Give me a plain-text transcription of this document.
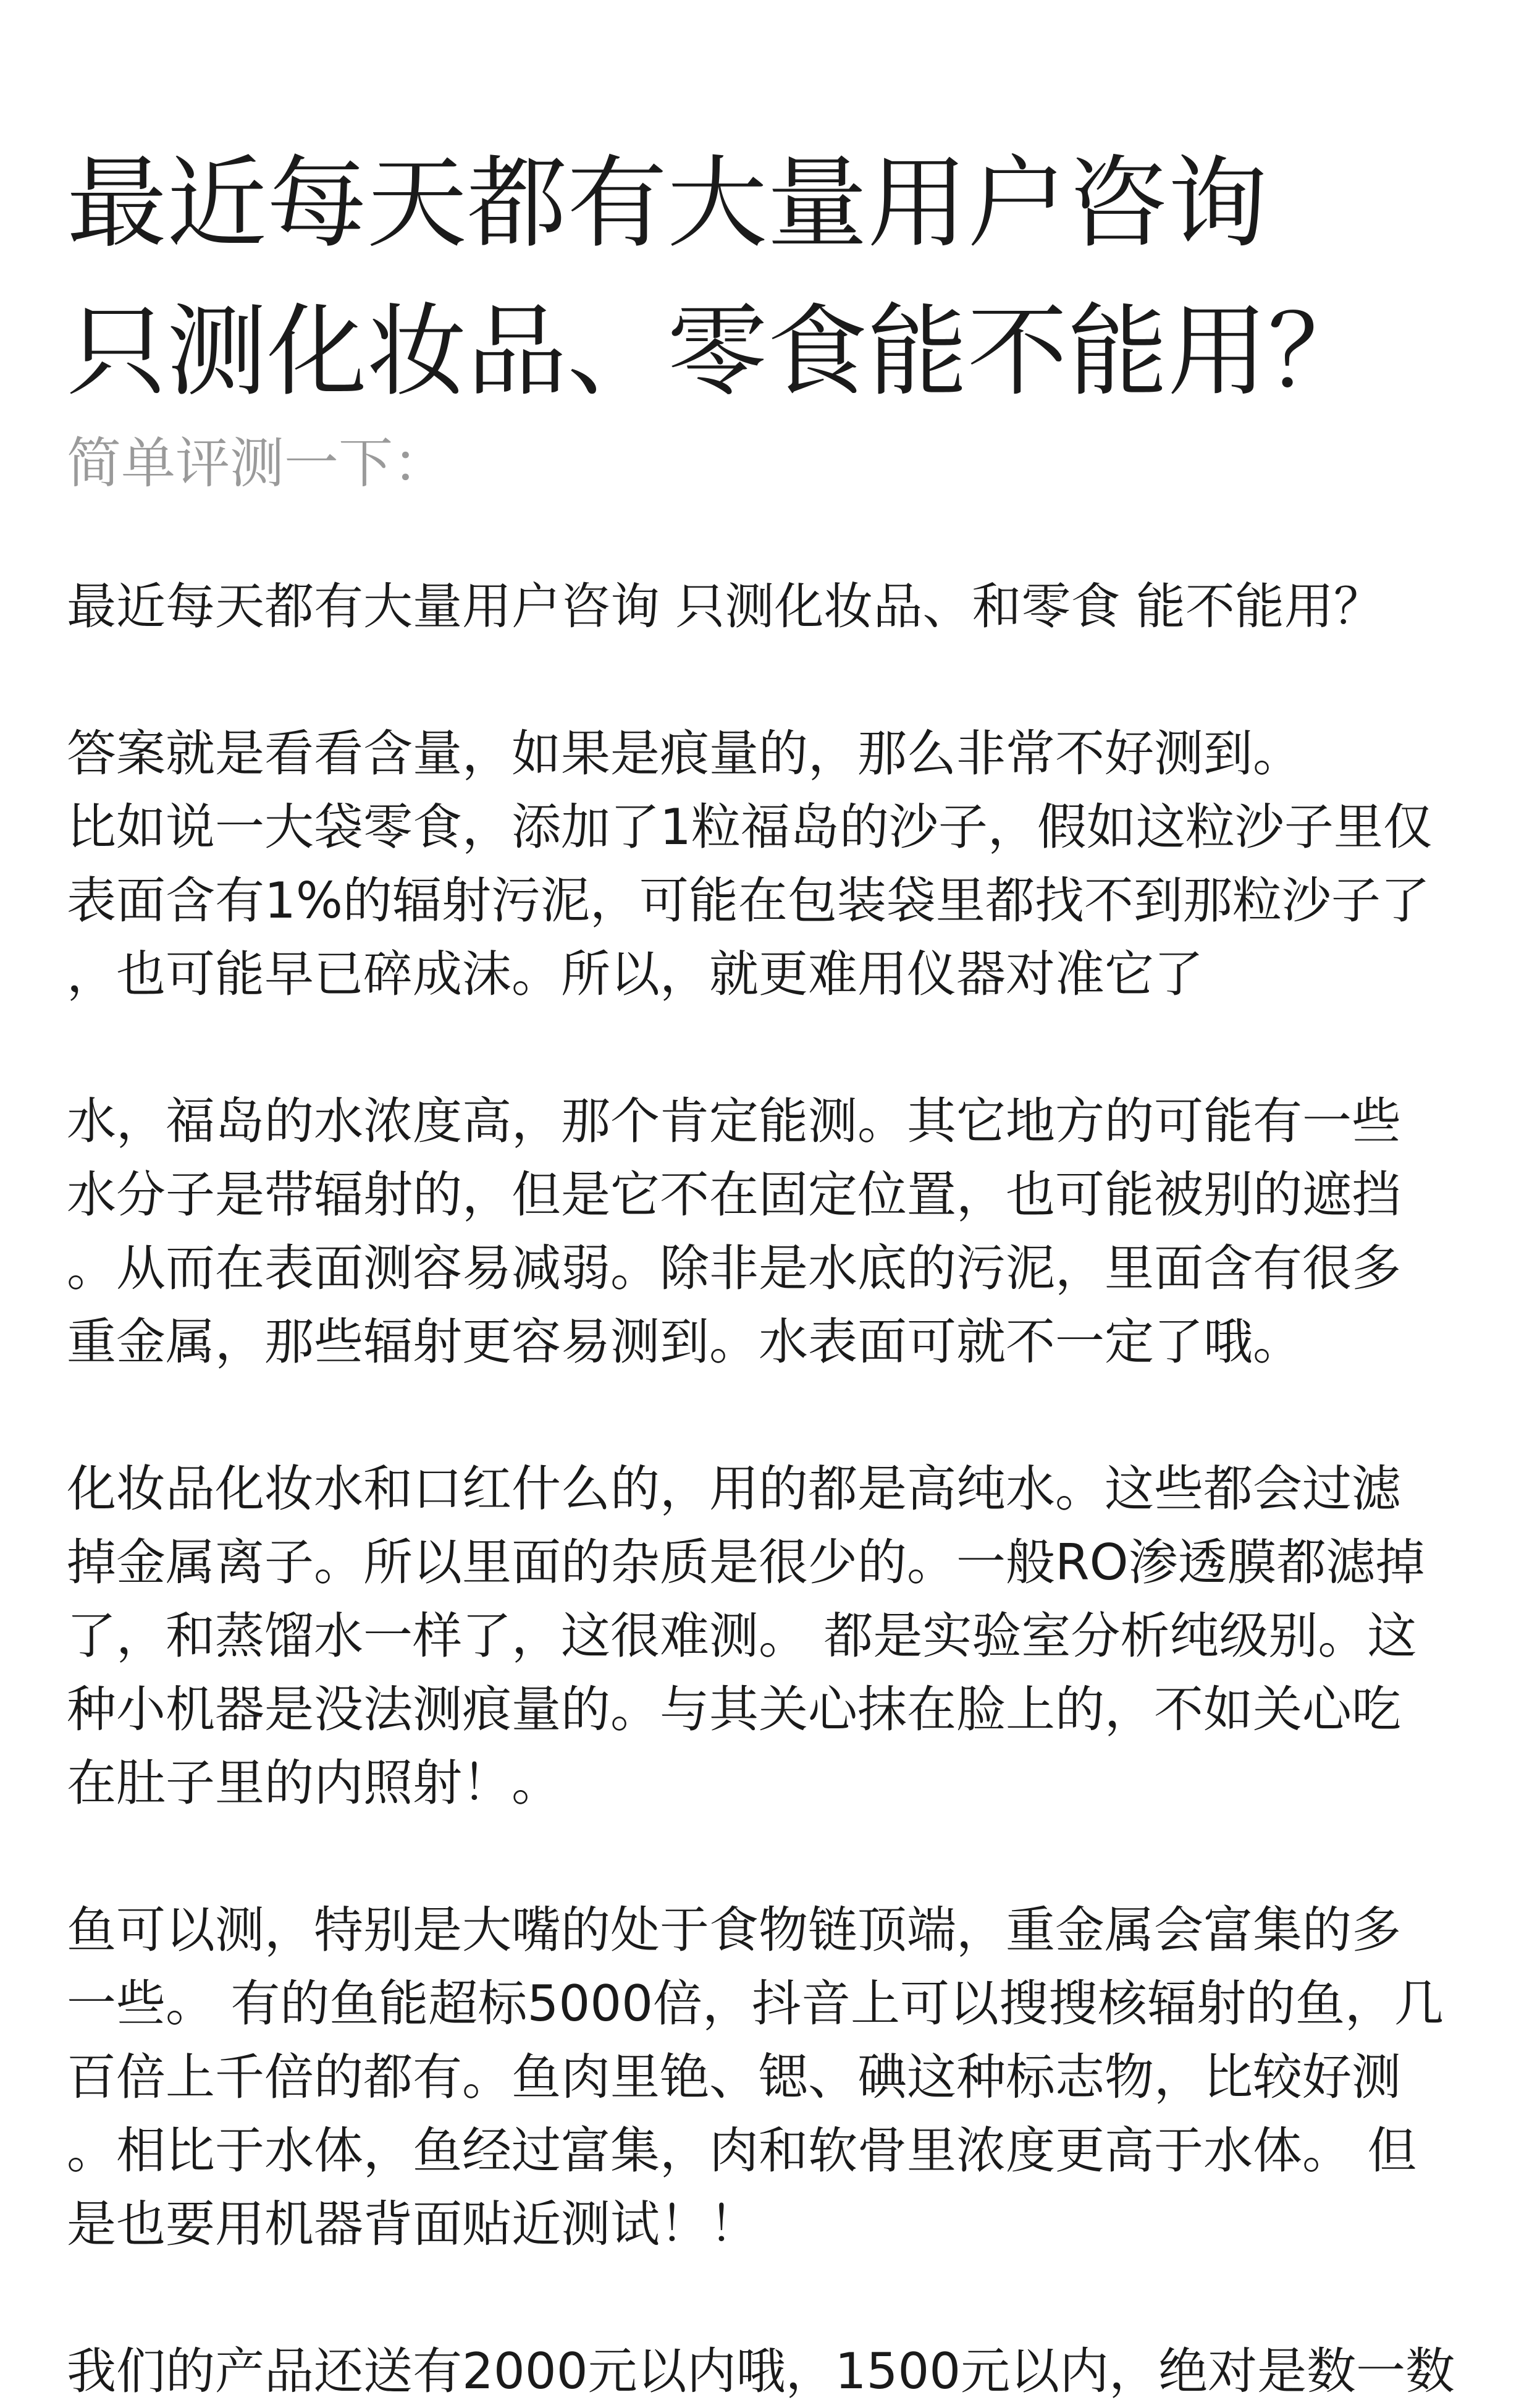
最近每天都有大量用户咨询
只测化妆品、零食能不能用？
简单评测一下：

最近每天都有大量用户咨询 只测化妆品、和零食 能不能用？

答案就是看看含量，如果是痕量的，那么非常不好测到。
比如说一大袋零食，添加了1粒福岛的沙子，假如这粒沙子里仅
表面含有1%的辐射污泥，可能在包装袋里都找不到那粒沙子了
，也可能早已碎成沫。所以，就更难用仪器对准它了

水，福岛的水浓度高，那个肯定能测。其它地方的可能有一些
水分子是带辐射的，但是它不在固定位置，也可能被别的遮挡
。从而在表面测容易减弱。除非是水底的污泥，里面含有很多
重金属，那些辐射更容易测到。水表面可就不一定了哦。

化妆品化妆水和口红什么的，用的都是高纯水。这些都会过滤
掉金属离子。所以里面的杂质是很少的。一般RO渗透膜都滤掉
了，和蒸馏水一样了，这很难测。 都是实验室分析纯级别。这
种小机器是没法测痕量的。与其关心抹在脸上的，不如关心吃
在肚子里的内照射！。

鱼可以测，特别是大嘴的处于食物链顶端，重金属会富集的多
一些。 有的鱼能超标5000倍，抖音上可以搜搜核辐射的鱼，几
百倍上千倍的都有。鱼肉里铯、锶、碘这种标志物，比较好测
。相比于水体，鱼经过富集，肉和软骨里浓度更高于水体。 但
是也要用机器背面贴近测试！！

我们的产品还送有2000元以内哦，1500元以内，绝对是数一数
